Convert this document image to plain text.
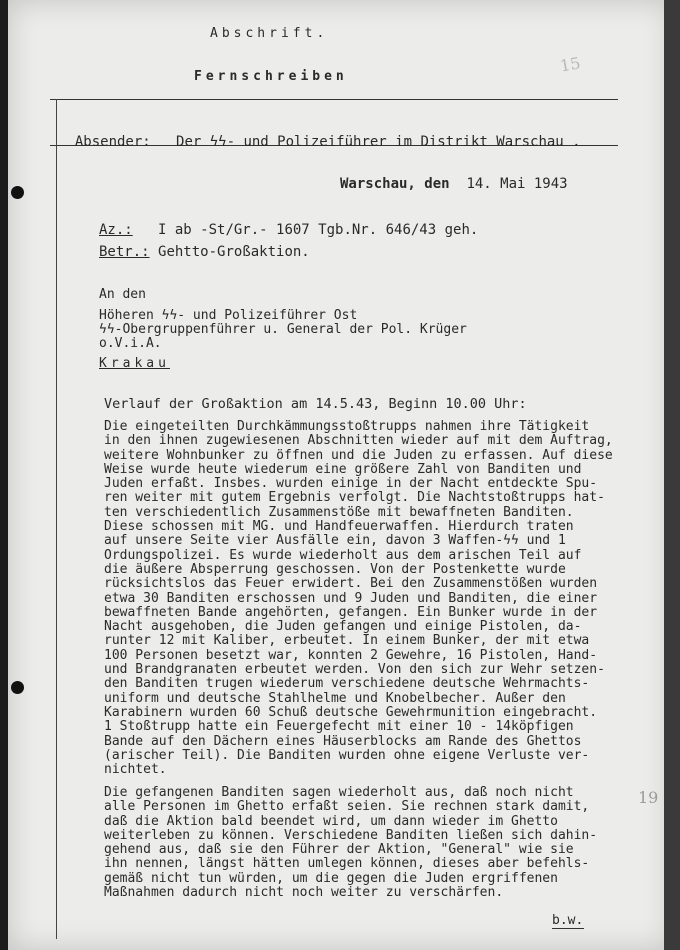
15
Abschrift.
Fernschreiben

Absender: Der ϟϟ- und Polizeiführer im Distrikt Warschau .

Warschau, den 14. Mai 1943
Az.: I ab -St/Gr.- 1607 Tgb.Nr. 646/43 geh.
Betr.: Gehtto-Großaktion.
An den
Höheren ϟϟ- und Polizeiführer Ost
ϟϟ-Obergruppenführer u. General der Pol. Krüger
o.V.i.A.
Krakau
Verlauf der Großaktion am 14.5.43, Beginn 10.00 Uhr:
Die eingeteilten Durchkämmungsstoßtrupps nahmen ihre Tätigkeit
in den ihnen zugewiesenen Abschnitten wieder auf mit dem Auftrag,
weitere Wohnbunker zu öffnen und die Juden zu erfassen. Auf diese
Weise wurde heute wiederum eine größere Zahl von Banditen und
Juden erfaßt. Insbes. wurden einige in der Nacht entdeckte Spu-
ren weiter mit gutem Ergebnis verfolgt. Die Nachtstoßtrupps hat-
ten verschiedentlich Zusammenstöße mit bewaffneten Banditen.
Diese schossen mit MG. und Handfeuerwaffen. Hierdurch traten
auf unsere Seite vier Ausfälle ein, davon 3 Waffen-ϟϟ und 1
Ordungspolizei. Es wurde wiederholt aus dem arischen Teil auf
die äußere Absperrung geschossen. Von der Postenkette wurde
rücksichtslos das Feuer erwidert. Bei den Zusammenstößen wurden
etwa 30 Banditen erschossen und 9 Juden und Banditen, die einer
bewaffneten Bande angehörten, gefangen. Ein Bunker wurde in der
Nacht ausgehoben, die Juden gefangen und einige Pistolen, da-
runter 12 mit Kaliber, erbeutet. In einem Bunker, der mit etwa
100 Personen besetzt war, konnten 2 Gewehre, 16 Pistolen, Hand-
und Brandgranaten erbeutet werden. Von den sich zur Wehr setzen-
den Banditen trugen wiederum verschiedene deutsche Wehrmachts-
uniform und deutsche Stahlhelme und Knobelbecher. Außer den
Karabinern wurden 60 Schuß deutsche Gewehrmunition eingebracht.
1 Stoßtrupp hatte ein Feuergefecht mit einer 10 - 14köpfigen
Bande auf den Dächern eines Häuserblocks am Rande des Ghettos
(arischer Teil). Die Banditen wurden ohne eigene Verluste ver-
nichtet.
Die gefangenen Banditen sagen wiederholt aus, daß noch nicht
alle Personen im Ghetto erfaßt seien. Sie rechnen stark damit,
daß die Aktion bald beendet wird, um dann wieder im Ghetto
weiterleben zu können. Verschiedene Banditen ließen sich dahin-
gehend aus, daß sie den Führer der Aktion, "General" wie sie
ihn nennen, längst hätten umlegen können, dieses aber befehls-
gemäß nicht tun würden, um die gegen die Juden ergriffenen
Maßnahmen dadurch nicht noch weiter zu verschärfen.
19
b.w.
